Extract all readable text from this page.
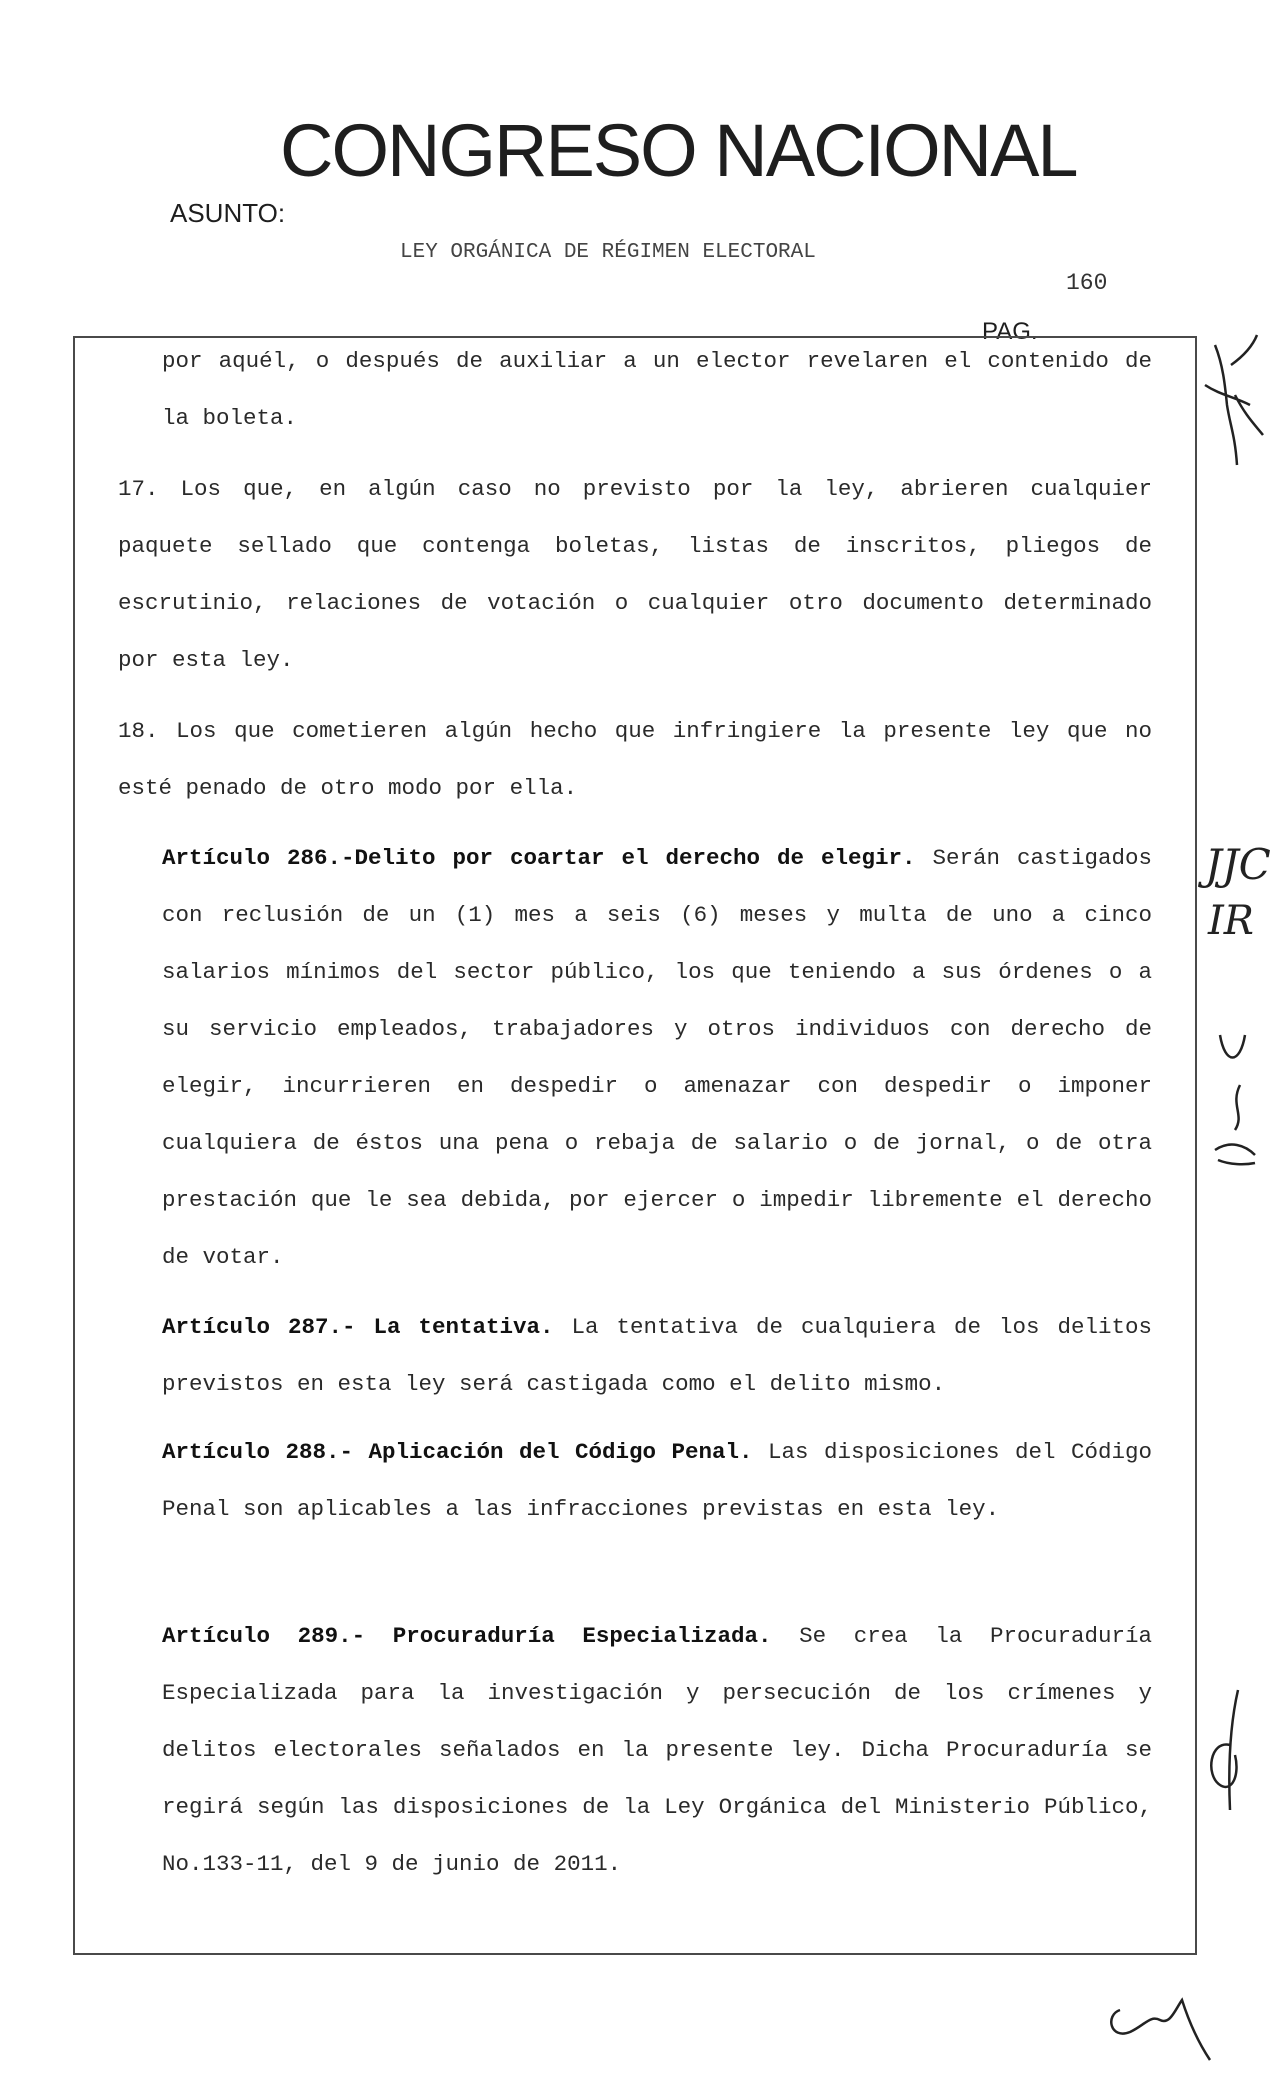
CONGRESO NACIONAL
ASUNTO:
LEY ORGÁNICA DE RÉGIMEN ELECTORAL
160
PAG.

por aquél, o después de auxiliar a un elector revelaren el contenido de la boleta.

17. Los que, en algún caso no previsto por la ley, abrieren cualquier paquete sellado que contenga boletas, listas de inscritos, pliegos de escrutinio, relaciones de votación o cualquier otro documento determinado por esta ley.

18. Los que cometieren algún hecho que infringiere la presente ley que no esté penado de otro modo por ella.

Artículo 286.-Delito por coartar el derecho de elegir. Serán castigados con reclusión de un (1) mes a seis (6) meses y multa de uno a cinco salarios mínimos del sector público, los que teniendo a sus órdenes o a su servicio empleados, trabajadores y otros individuos con derecho de elegir, incurrieren en despedir o amenazar con despedir o imponer cualquiera de éstos una pena o rebaja de salario o de jornal, o de otra prestación que le sea debida, por ejercer o impedir libremente el derecho de votar.

Artículo 287.- La tentativa. La tentativa de cualquiera de los delitos previstos en esta ley será castigada como el delito mismo.

Artículo 288.- Aplicación del Código Penal. Las disposiciones del Código Penal son aplicables a las infracciones previstas en esta ley.

Artículo 289.- Procuraduría Especializada. Se crea la Procuraduría Especializada para la investigación y persecución de los crímenes y delitos electorales señalados en la presente ley. Dicha Procuraduría se regirá según las disposiciones de la Ley Orgánica del Ministerio Público, No.133-11, del 9 de junio de 2011.

JJC
IR
